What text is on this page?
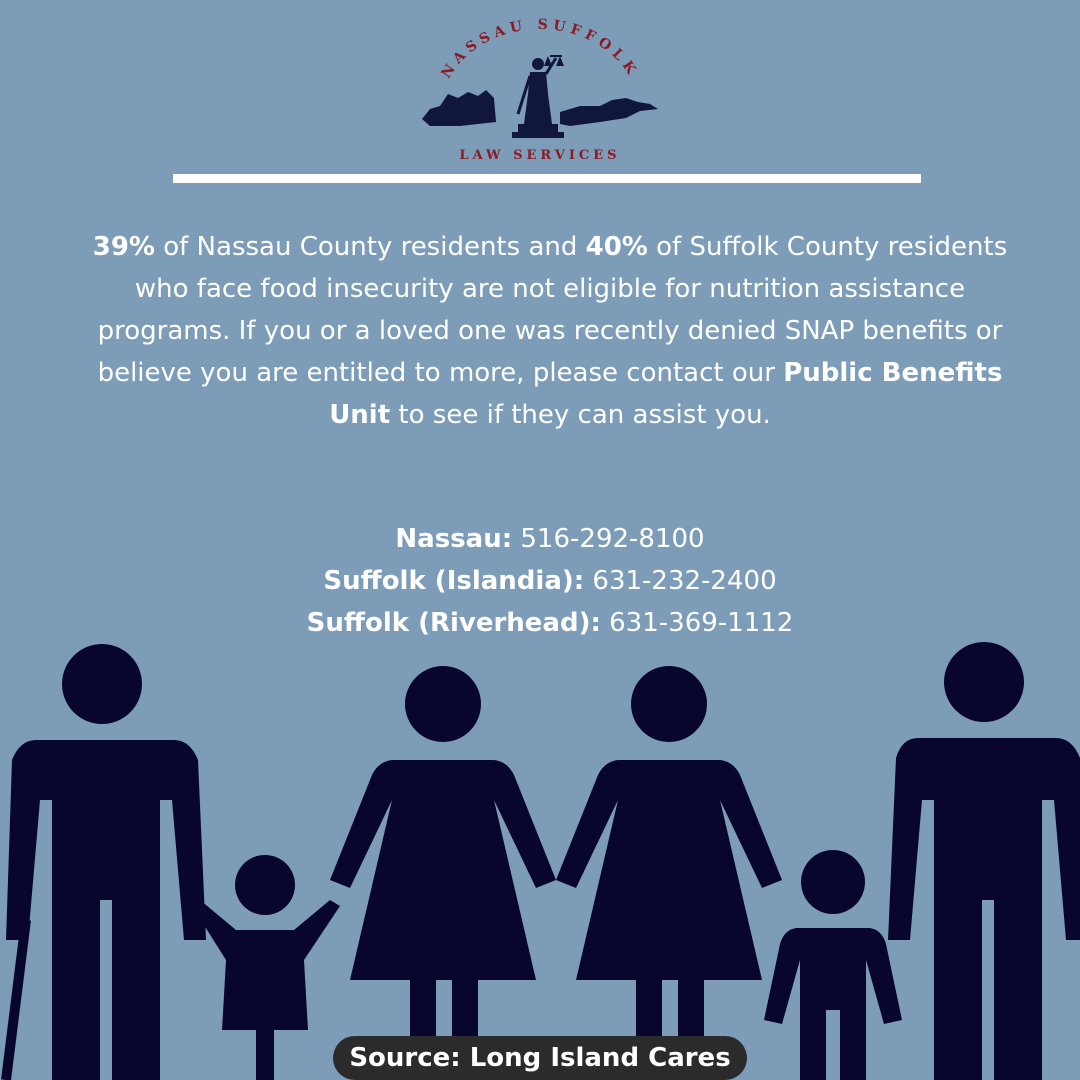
NASSAU SUFFOLK
LAW SERVICES
39% of Nassau County residents and 40% of Suffolk County residents who face food insecurity are not eligible for nutrition assistance programs. If you or a loved one was recently denied SNAP benefits or believe you are entitled to more, please contact our Public Benefits Unit to see if they can assist you.
Nassau: 516-292-8100
Suffolk (Islandia): 631-232-2400
Suffolk (Riverhead): 631-369-1112
Source: Long Island Cares
